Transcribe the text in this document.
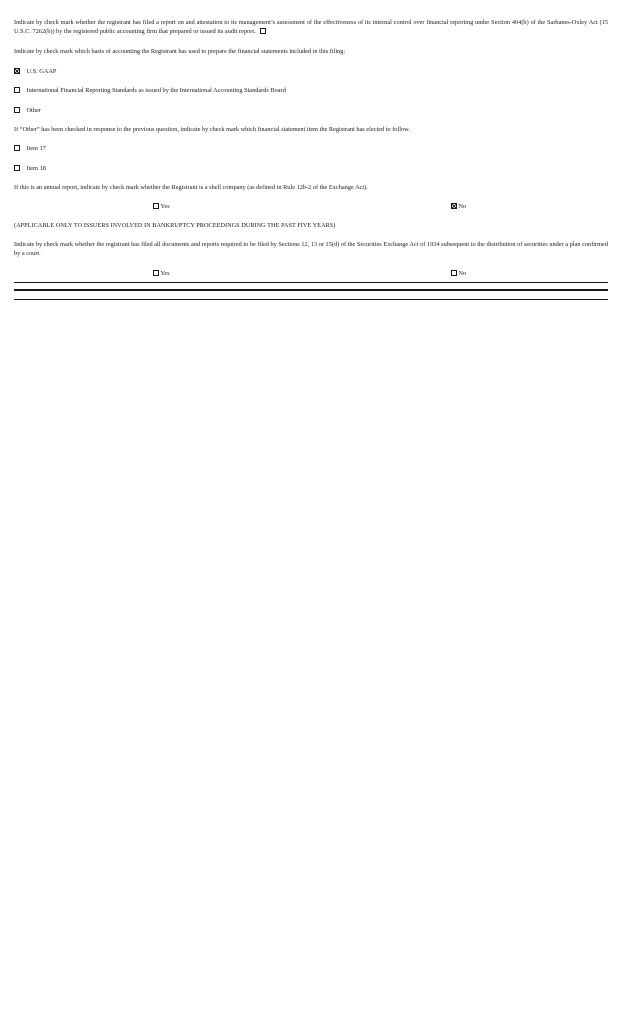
Indicate by check mark whether the registrant has filed a report on and attestation to its management’s assessment of the effectiveness of its internal control over financial reporting under Section 404(b) of the Sarbanes-Oxley Act (15 U.S.C. 7262(b)) by the registered public accounting firm that prepared or issued its audit report.

Indicate by check mark which basis of accounting the Registrant has used to prepare the financial statements included in this filing:

U.S. GAAP
International Financial Reporting Standards as issued by the International Accounting Standards Board
Other

If “Other” has been checked in response to the previous question, indicate by check mark which financial statement item the Registrant has elected to follow.

Item 17
Item 18

If this is an annual report, indicate by check mark whether the Registrant is a shell company (as defined in Rule 12b-2 of the Exchange Act).

Yes	No

(APPLICABLE ONLY TO ISSUERS INVOLVED IN BANKRUPTCY PROCEEDINGS DURING THE PAST FIVE YEARS)

Indicate by check mark whether the registrant has filed all documents and reports required to be filed by Sections 12, 13 or 15(d) of the Securities Exchange Act of 1934 subsequent to the distribution of securities under a plan confirmed by a court.

Yes	No
